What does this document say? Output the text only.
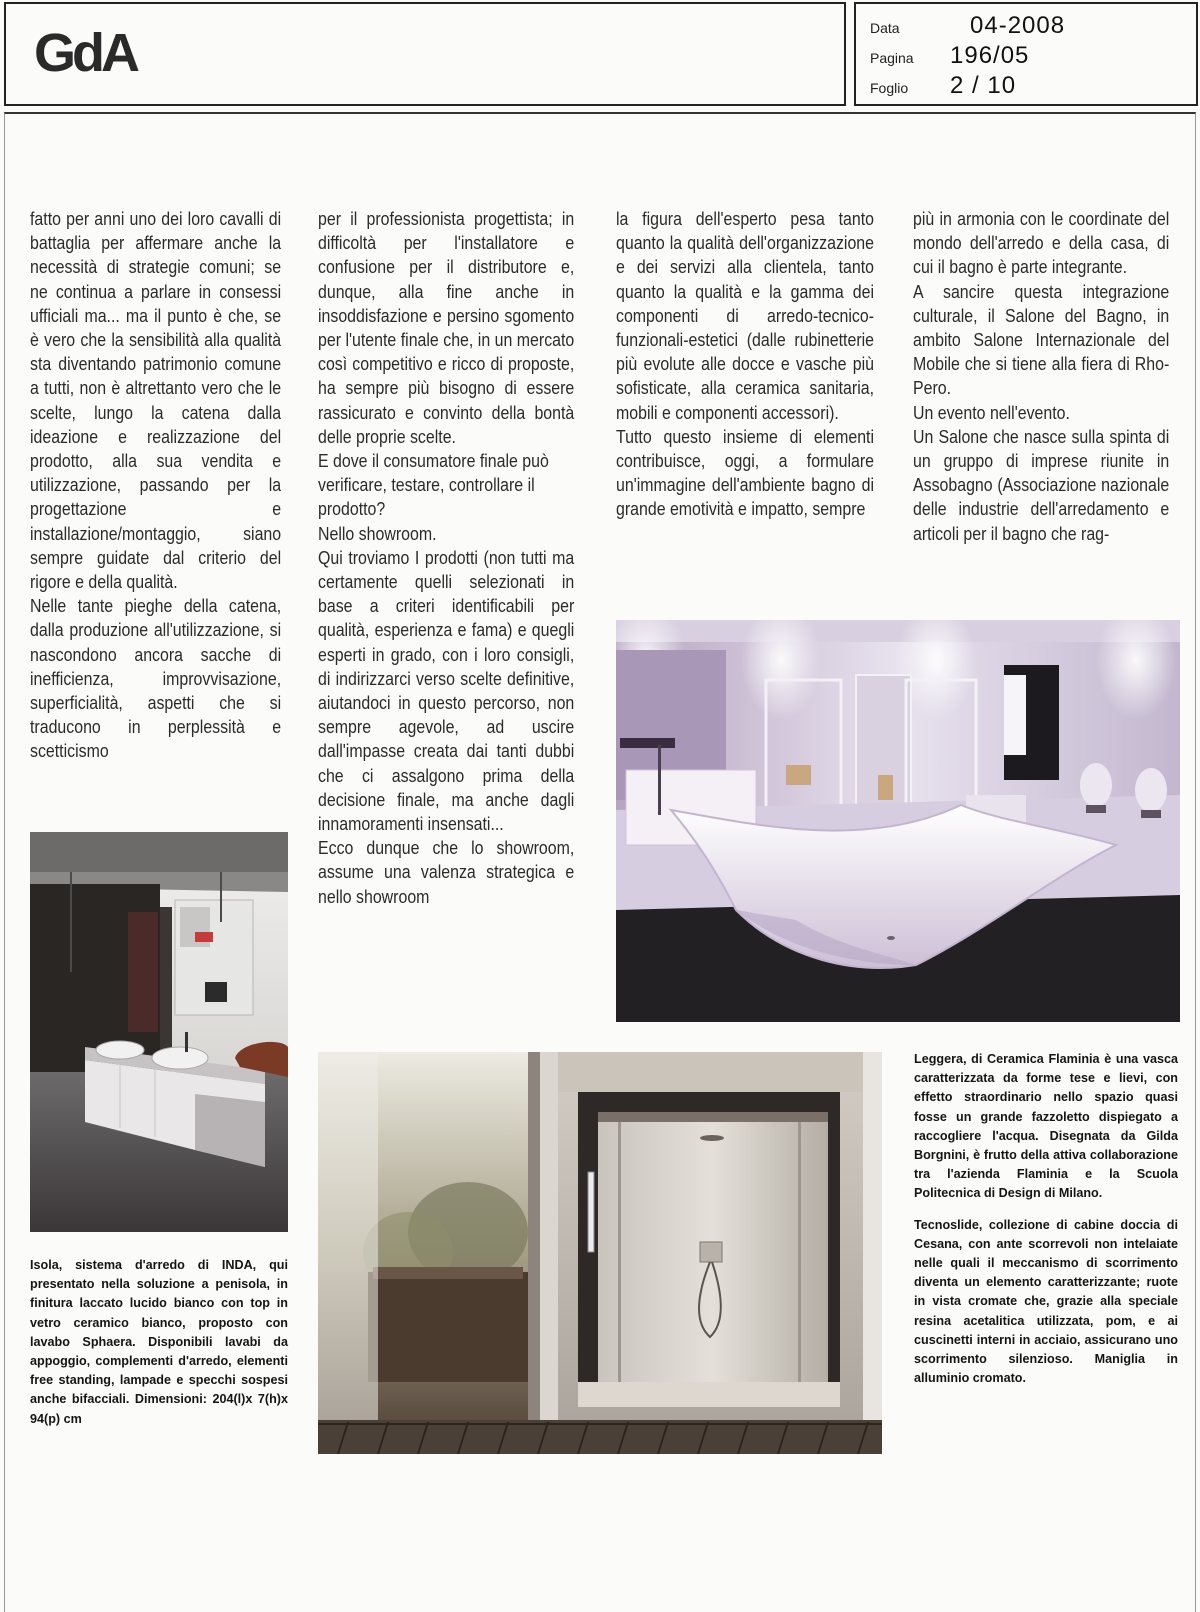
GdA	Data	04-2008
Pagina	196/05
Foglio	2 / 10

fatto per anni uno dei loro cavalli di battaglia per affermare anche la necessità di strategie comuni; se ne continua a parlare in consessi ufficiali ma... ma il punto è che, se è vero che la sensibilità alla qualità sta diventando patrimonio comune a tutti, non è altrettanto vero che le scelte, lungo la catena dalla ideazione e realizzazione del prodotto, alla sua vendita e utilizzazione, passando per la progettazione e installazione/montaggio, siano sempre guidate dal criterio del rigore e della qualità.

Nelle tante pieghe della catena, dalla produzione all'utilizzazione, si nascondono ancora sacche di inefficienza, improvvisazione, superficialità, aspetti che si traducono in perplessità e scetticismo

per il professionista progettista; in difficoltà per l'installatore e confusione per il distributore e, dunque, alla fine anche in insoddisfazione e persino sgomento per l'utente finale che, in un mercato così competitivo e ricco di proposte, ha sempre più bisogno di essere rassicurato e convinto della bontà delle proprie scelte.

E dove il consumatore finale può verificare, testare, controllare il prodotto?

Nello showroom.

Qui troviamo I prodotti (non tutti ma certamente quelli selezionati in base a criteri identificabili per qualità, esperienza e fama) e quegli esperti in grado, con i loro consigli, di indirizzarci verso scelte definitive, aiutandoci in questo percorso, non sempre agevole, ad uscire dall'impasse creata dai tanti dubbi che ci assalgono prima della decisione finale, ma anche dagli innamoramenti insensati...

Ecco dunque che lo showroom, assume una valenza strategica e nello showroom

la figura dell'esperto pesa tanto quanto la qualità dell'organizzazione e dei servizi alla clientela, tanto quanto la qualità e la gamma dei componenti di arredo-tecnico-funzionali-estetici (dalle rubinetterie più evolute alle docce e vasche più sofisticate, alla ceramica sanitaria, mobili e componenti accessori).

Tutto questo insieme di elementi contribuisce, oggi, a formulare un'immagine dell'ambiente bagno di grande emotività e impatto, sempre

più in armonia con le coordinate del mondo dell'arredo e della casa, di cui il bagno è parte integrante.

A sancire questa integrazione culturale, il Salone del Bagno, in ambito Salone Internazionale del Mobile che si tiene alla fiera di Rho-Pero.

Un evento nell'evento.

Un Salone che nasce sulla spinta di un gruppo di imprese riunite in Assobagno (Associazione nazionale delle industrie dell'arredamento e articoli per il bagno che rag-

Isola, sistema d'arredo di INDA, qui presentato nella soluzione a penisola, in finitura laccato lucido bianco con top in vetro ceramico bianco, proposto con lavabo Sphaera. Disponibili lavabi da appoggio, complementi d'arredo, elementi free standing, lampade e specchi sospesi anche bifacciali. Dimensioni: 204(l)x 7(h)x 94(p) cm

Leggera, di Ceramica Flaminia è una vasca caratterizzata da forme tese e lievi, con effetto straordinario nello spazio quasi fosse un grande fazzoletto dispiegato a raccogliere l'acqua. Disegnata da Gilda Borgnini, è frutto della attiva collaborazione tra l'azienda Flaminia e la Scuola Politecnica di Design di Milano.

Tecnoslide, collezione di cabine doccia di Cesana, con ante scorrevoli non intelaiate nelle quali il meccanismo di scorrimento diventa un elemento caratterizzante; ruote in vista cromate che, grazie alla speciale resina acetalitica utilizzata, pom, e ai cuscinetti interni in acciaio, assicurano uno scorrimento silenzioso. Maniglia in alluminio cromato.
